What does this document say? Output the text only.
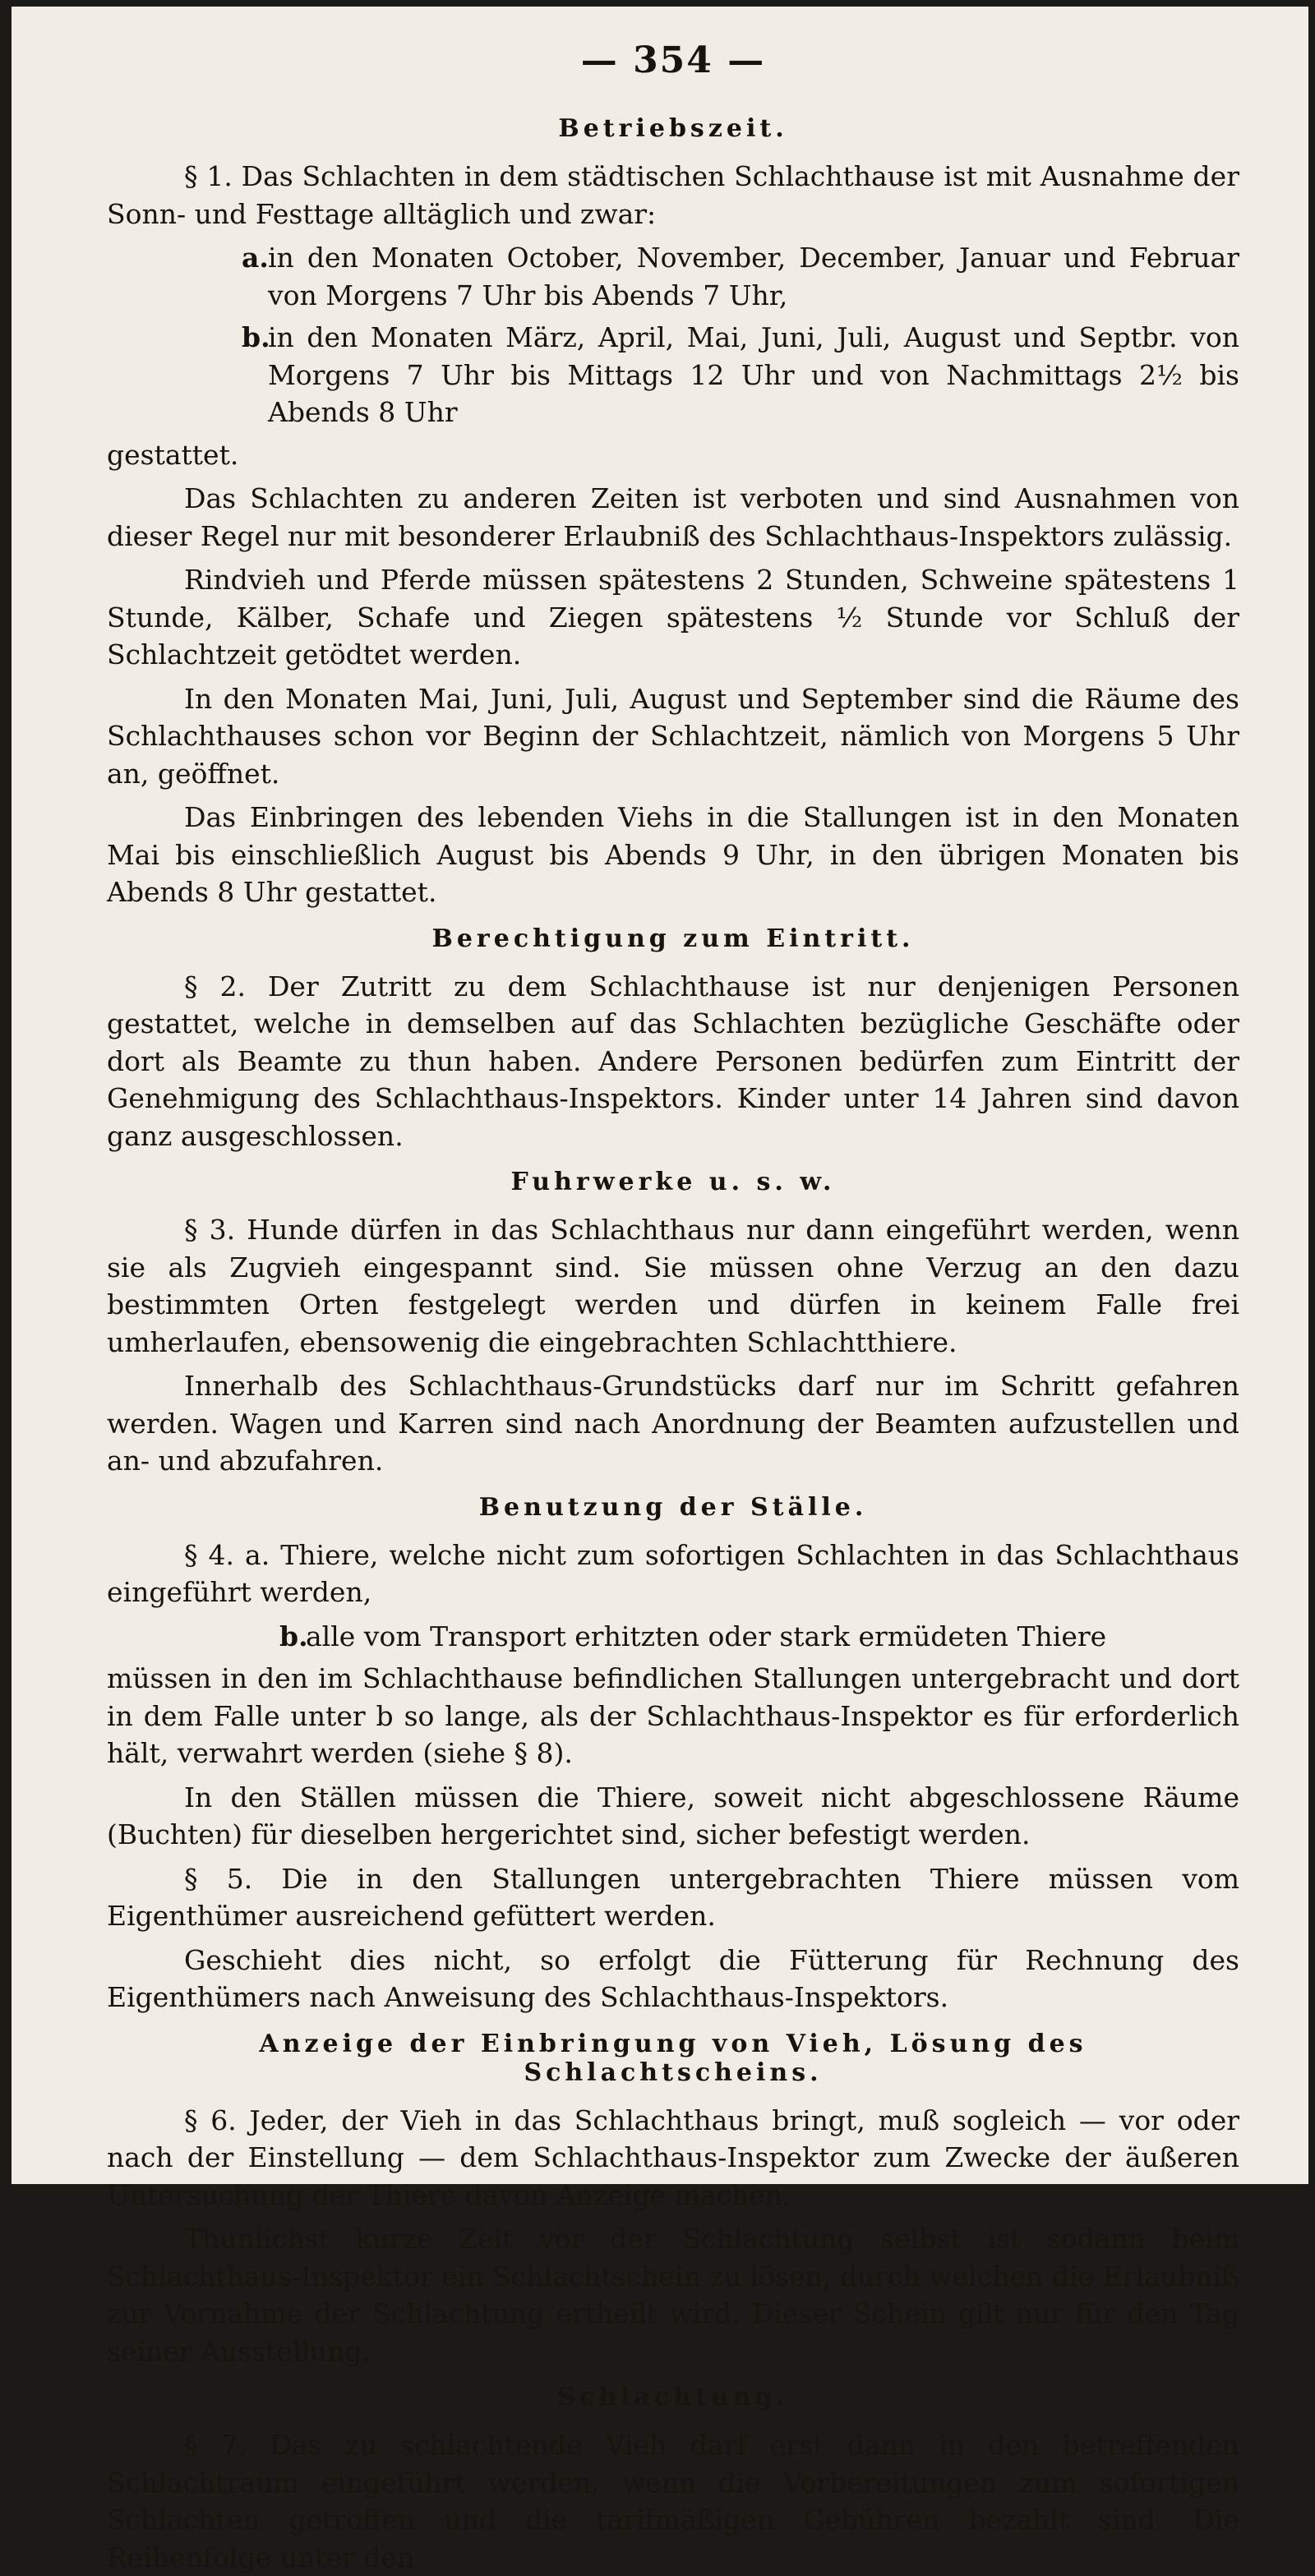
— 354 —
Betriebszeit.

§ 1. Das Schlachten in dem städtischen Schlachthause ist mit Ausnahme der Sonn- und Festtage alltäglich und zwar:

a. in den Monaten October, November, December, Januar und Februar von Morgens 7 Uhr bis Abends 7 Uhr,
b.
in den Monaten März, April, Mai, Juni, Juli, August und Septbr. von Morgens 7 Uhr bis Mittags 12 Uhr und von Nachmittags 2½ bis Abends 8 Uhr

gestattet.

Das Schlachten zu anderen Zeiten ist verboten und sind Ausnahmen von dieser Regel nur mit besonderer Erlaubniß des Schlachthaus-Inspektors zulässig.

Rindvieh und Pferde müssen spätestens 2 Stunden, Schweine spätestens 1 Stunde, Kälber, Schafe und Ziegen spätestens ½ Stunde vor Schluß der Schlachtzeit getödtet werden.

In den Monaten Mai, Juni, Juli, August und September sind die Räume des Schlachthauses schon vor Beginn der Schlachtzeit, nämlich von Morgens 5 Uhr an, geöffnet.

Das Einbringen des lebenden Viehs in die Stallungen ist in den Monaten Mai bis einschließlich August bis Abends 9 Uhr, in den übrigen Monaten bis Abends 8 Uhr gestattet.

Berechtigung zum Eintritt.

§ 2. Der Zutritt zu dem Schlachthause ist nur denjenigen Personen gestattet, welche in demselben auf das Schlachten bezügliche Geschäfte oder dort als Beamte zu thun haben. Andere Personen bedürfen zum Eintritt der Genehmigung des Schlachthaus-Inspektors. Kinder unter 14 Jahren sind davon ganz ausgeschlossen.

Fuhrwerke u. s. w.

§ 3. Hunde dürfen in das Schlachthaus nur dann eingeführt werden, wenn sie als Zugvieh eingespannt sind. Sie müssen ohne Verzug an den dazu bestimmten Orten festgelegt werden und dürfen in keinem Falle frei umherlaufen, ebensowenig die eingebrachten Schlachtthiere.

Innerhalb des Schlachthaus-Grundstücks darf nur im Schritt gefahren werden. Wagen und Karren sind nach Anordnung der Beamten aufzustellen und an- und abzufahren.

Benutzung der Ställe.

§ 4. a. Thiere, welche nicht zum sofortigen Schlachten in das Schlachthaus eingeführt werden,

b.
alle vom Transport erhitzten oder stark ermüdeten Thiere

müssen in den im Schlachthause befindlichen Stallungen untergebracht und dort in dem Falle unter b so lange, als der Schlachthaus-Inspektor es für erforderlich hält, verwahrt werden (siehe § 8).

In den Ställen müssen die Thiere, soweit nicht abgeschlossene Räume (Buchten) für dieselben hergerichtet sind, sicher befestigt werden.

§ 5. Die in den Stallungen untergebrachten Thiere müssen vom Eigenthümer ausreichend gefüttert werden.

Geschieht dies nicht, so erfolgt die Fütterung für Rechnung des Eigenthümers nach Anweisung des Schlachthaus-Inspektors.

Anzeige der Einbringung von Vieh, Lösung des Schlachtscheins.

§ 6. Jeder, der Vieh in das Schlachthaus bringt, muß sogleich — vor oder nach der Einstellung — dem Schlachthaus-Inspektor zum Zwecke der äußeren Untersuchung der Thiere davon Anzeige machen.

Thunlichst kurze Zeit vor der Schlachtung selbst ist sodann beim Schlachthaus-Inspektor ein Schlachtschein zu lösen, durch welchen die Erlaubniß zur Vornahme der Schlachtung ertheilt wird. Dieser Schein gilt nur für den Tag seiner Ausstellung.

Schlachtung.

§ 7. Das zu schlachtende Vieh darf erst dann in den betreffenden Schlachtraum eingeführt werden, wenn die Vorbereitungen zum sofortigen Schlachten getroffen und die tarifmäßigen Gebühren bezahlt sind. Die Reihenfolge unter den
